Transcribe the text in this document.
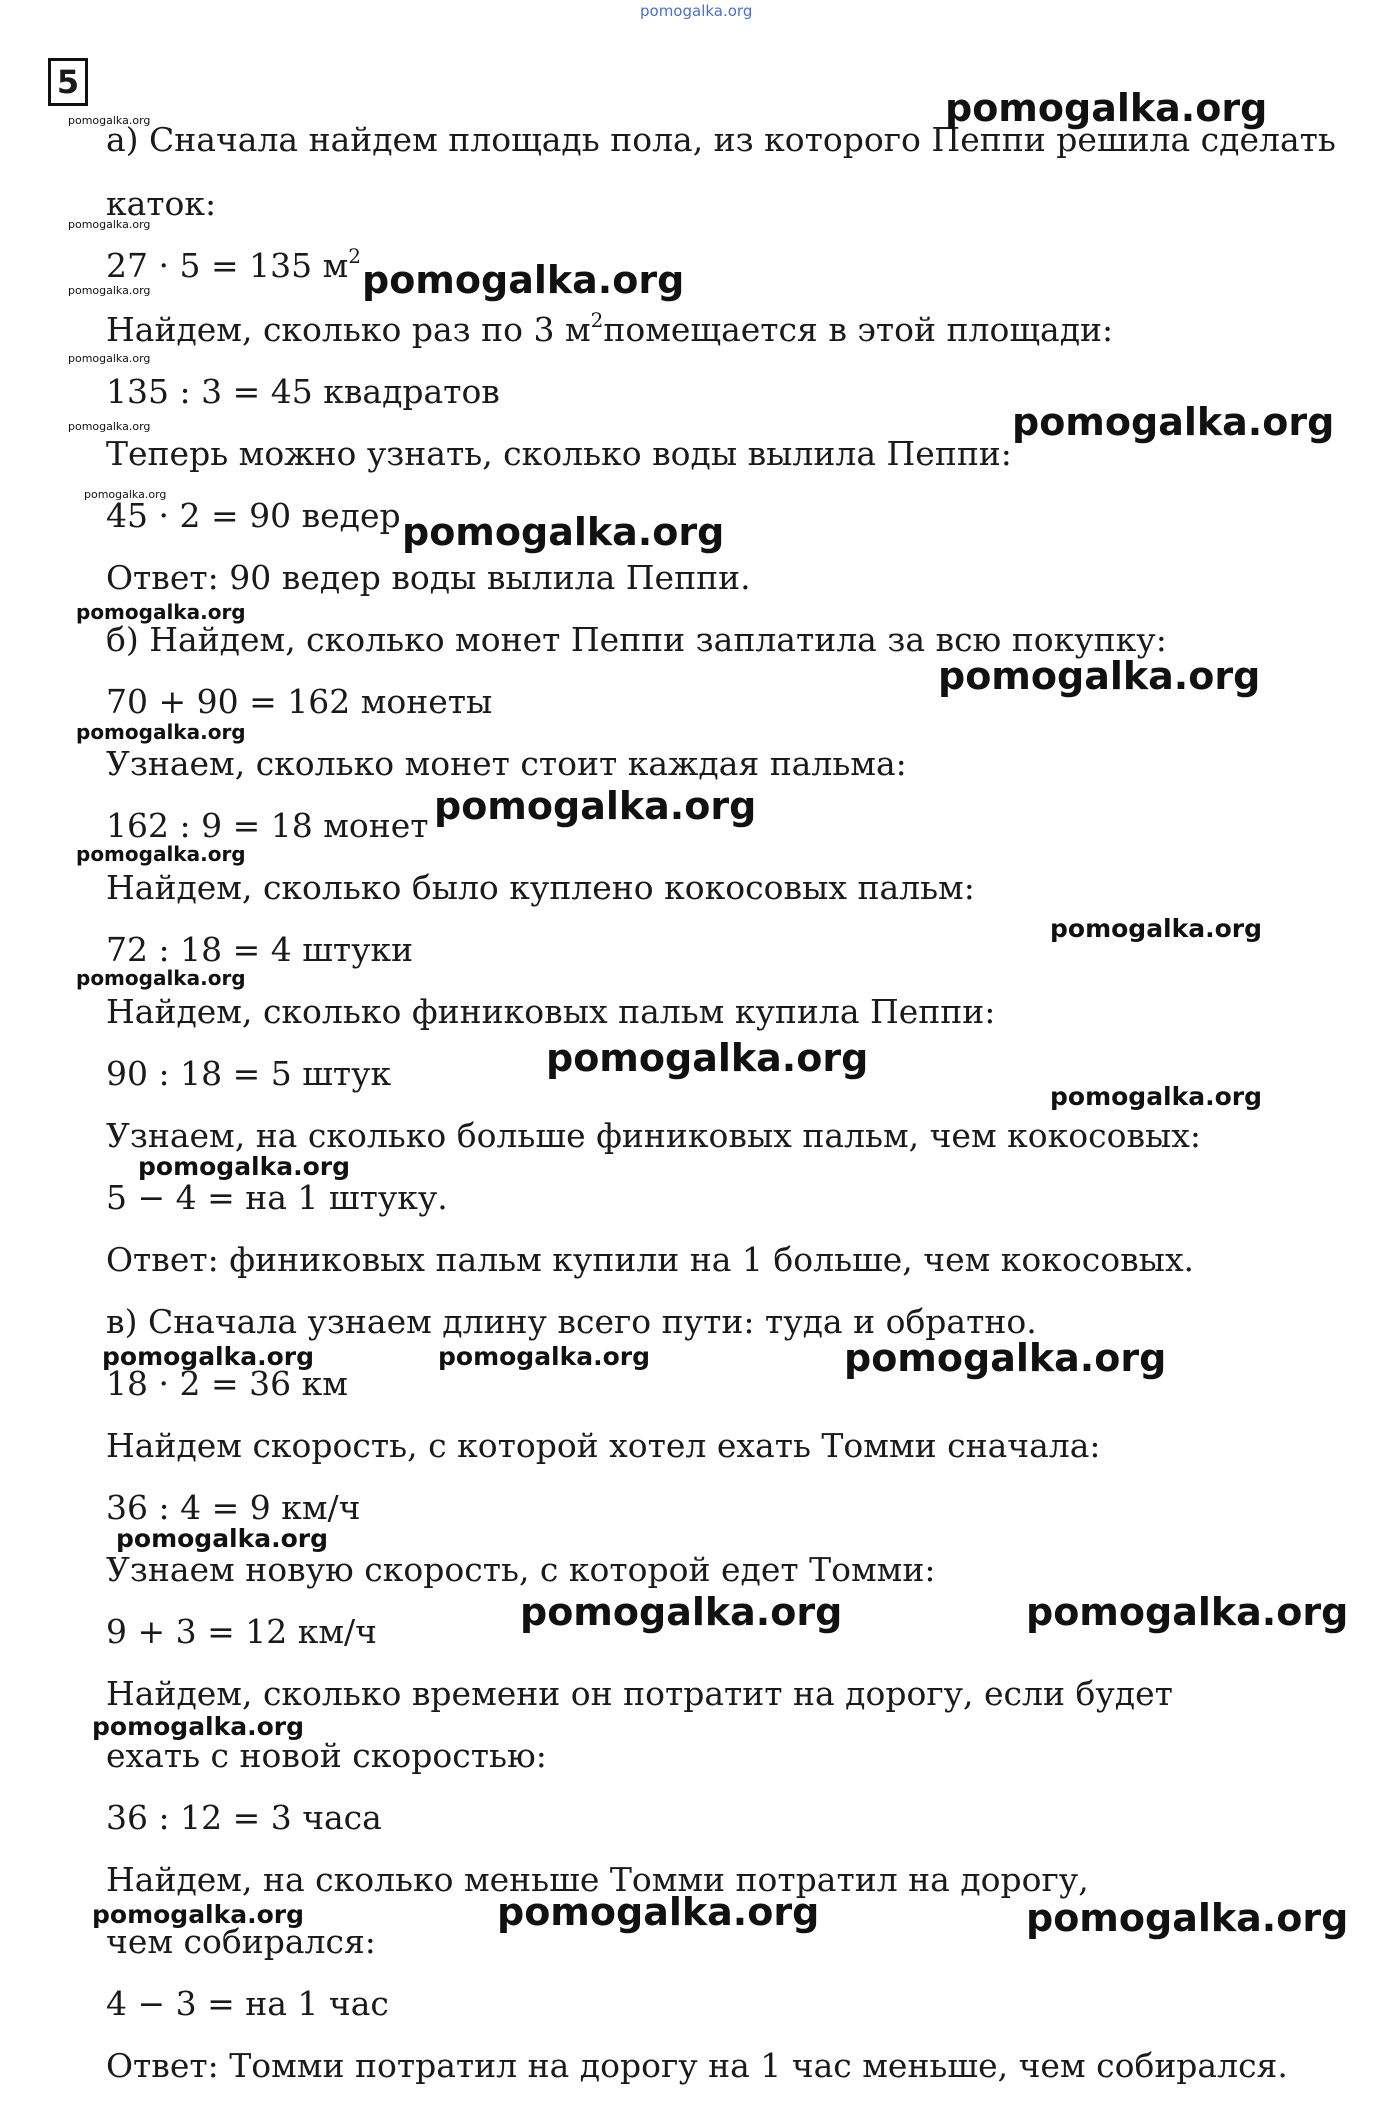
pomogalka.org
5
а) Сначала найдем площадь пола, из которого Пеппи решила сделать
каток:
27 · 5 = 135 $м^2$
Найдем, сколько раз по 3 $м^2помещается$ в этой площади:
135 : 3 = 45 квадратов
Теперь можно узнать, сколько воды вылила Пеппи:
45 · 2 = 90 ведер
Ответ: 90 ведер воды вылила Пеппи.
б) Найдем, сколько монет Пеппи заплатила за всю покупку:
70 + 90 = 162 монеты
Узнаем, сколько монет стоит каждая пальма:
162 : 9 = 18 монет
Найдем, сколько было куплено кокосовых пальм:
72 : 18 = 4 штуки
Найдем, сколько финиковых пальм купила Пеппи:
90 : 18 = 5 штук
Узнаем, на сколько больше финиковых пальм, чем кокосовых:
5 − 4 = на 1 штуку.
Ответ: финиковых пальм купили на 1 больше, чем кокосовых.
в) Сначала узнаем длину всего пути: туда и обратно.
18 · 2 = 36 км
Найдем скорость, с которой хотел ехать Томми сначала:
36 : 4 = 9 км/ч
Узнаем новую скорость, с которой едет Томми:
9 + 3 = 12 км/ч
Найдем, сколько времени он потратит на дорогу, если будет
ехать с новой скоростью:
36 : 12 = 3 часа
Найдем, на сколько меньше Томми потратил на дорогу,
чем собирался:
4 − 3 = на 1 час
Ответ: Томми потратил на дорогу на 1 час меньше, чем собирался.
pomogalka.org
pomogalka.org
pomogalka.org
pomogalka.org
pomogalka.org
pomogalka.org
pomogalka.org
pomogalka.org
pomogalka.org	pomogalka.org
pomogalka.org	pomogalka.org
pomogalka.org
pomogalka.org
pomogalka.org
pomogalka.org	pomogalka.org
pomogalka.org
pomogalka.org
pomogalka.org
pomogalka.org
pomogalka.org
pomogalka.org
pomogalka.org
pomogalka.org
pomogalka.org
pomogalka.org
pomogalka.org
pomogalka.org
pomogalka.org
